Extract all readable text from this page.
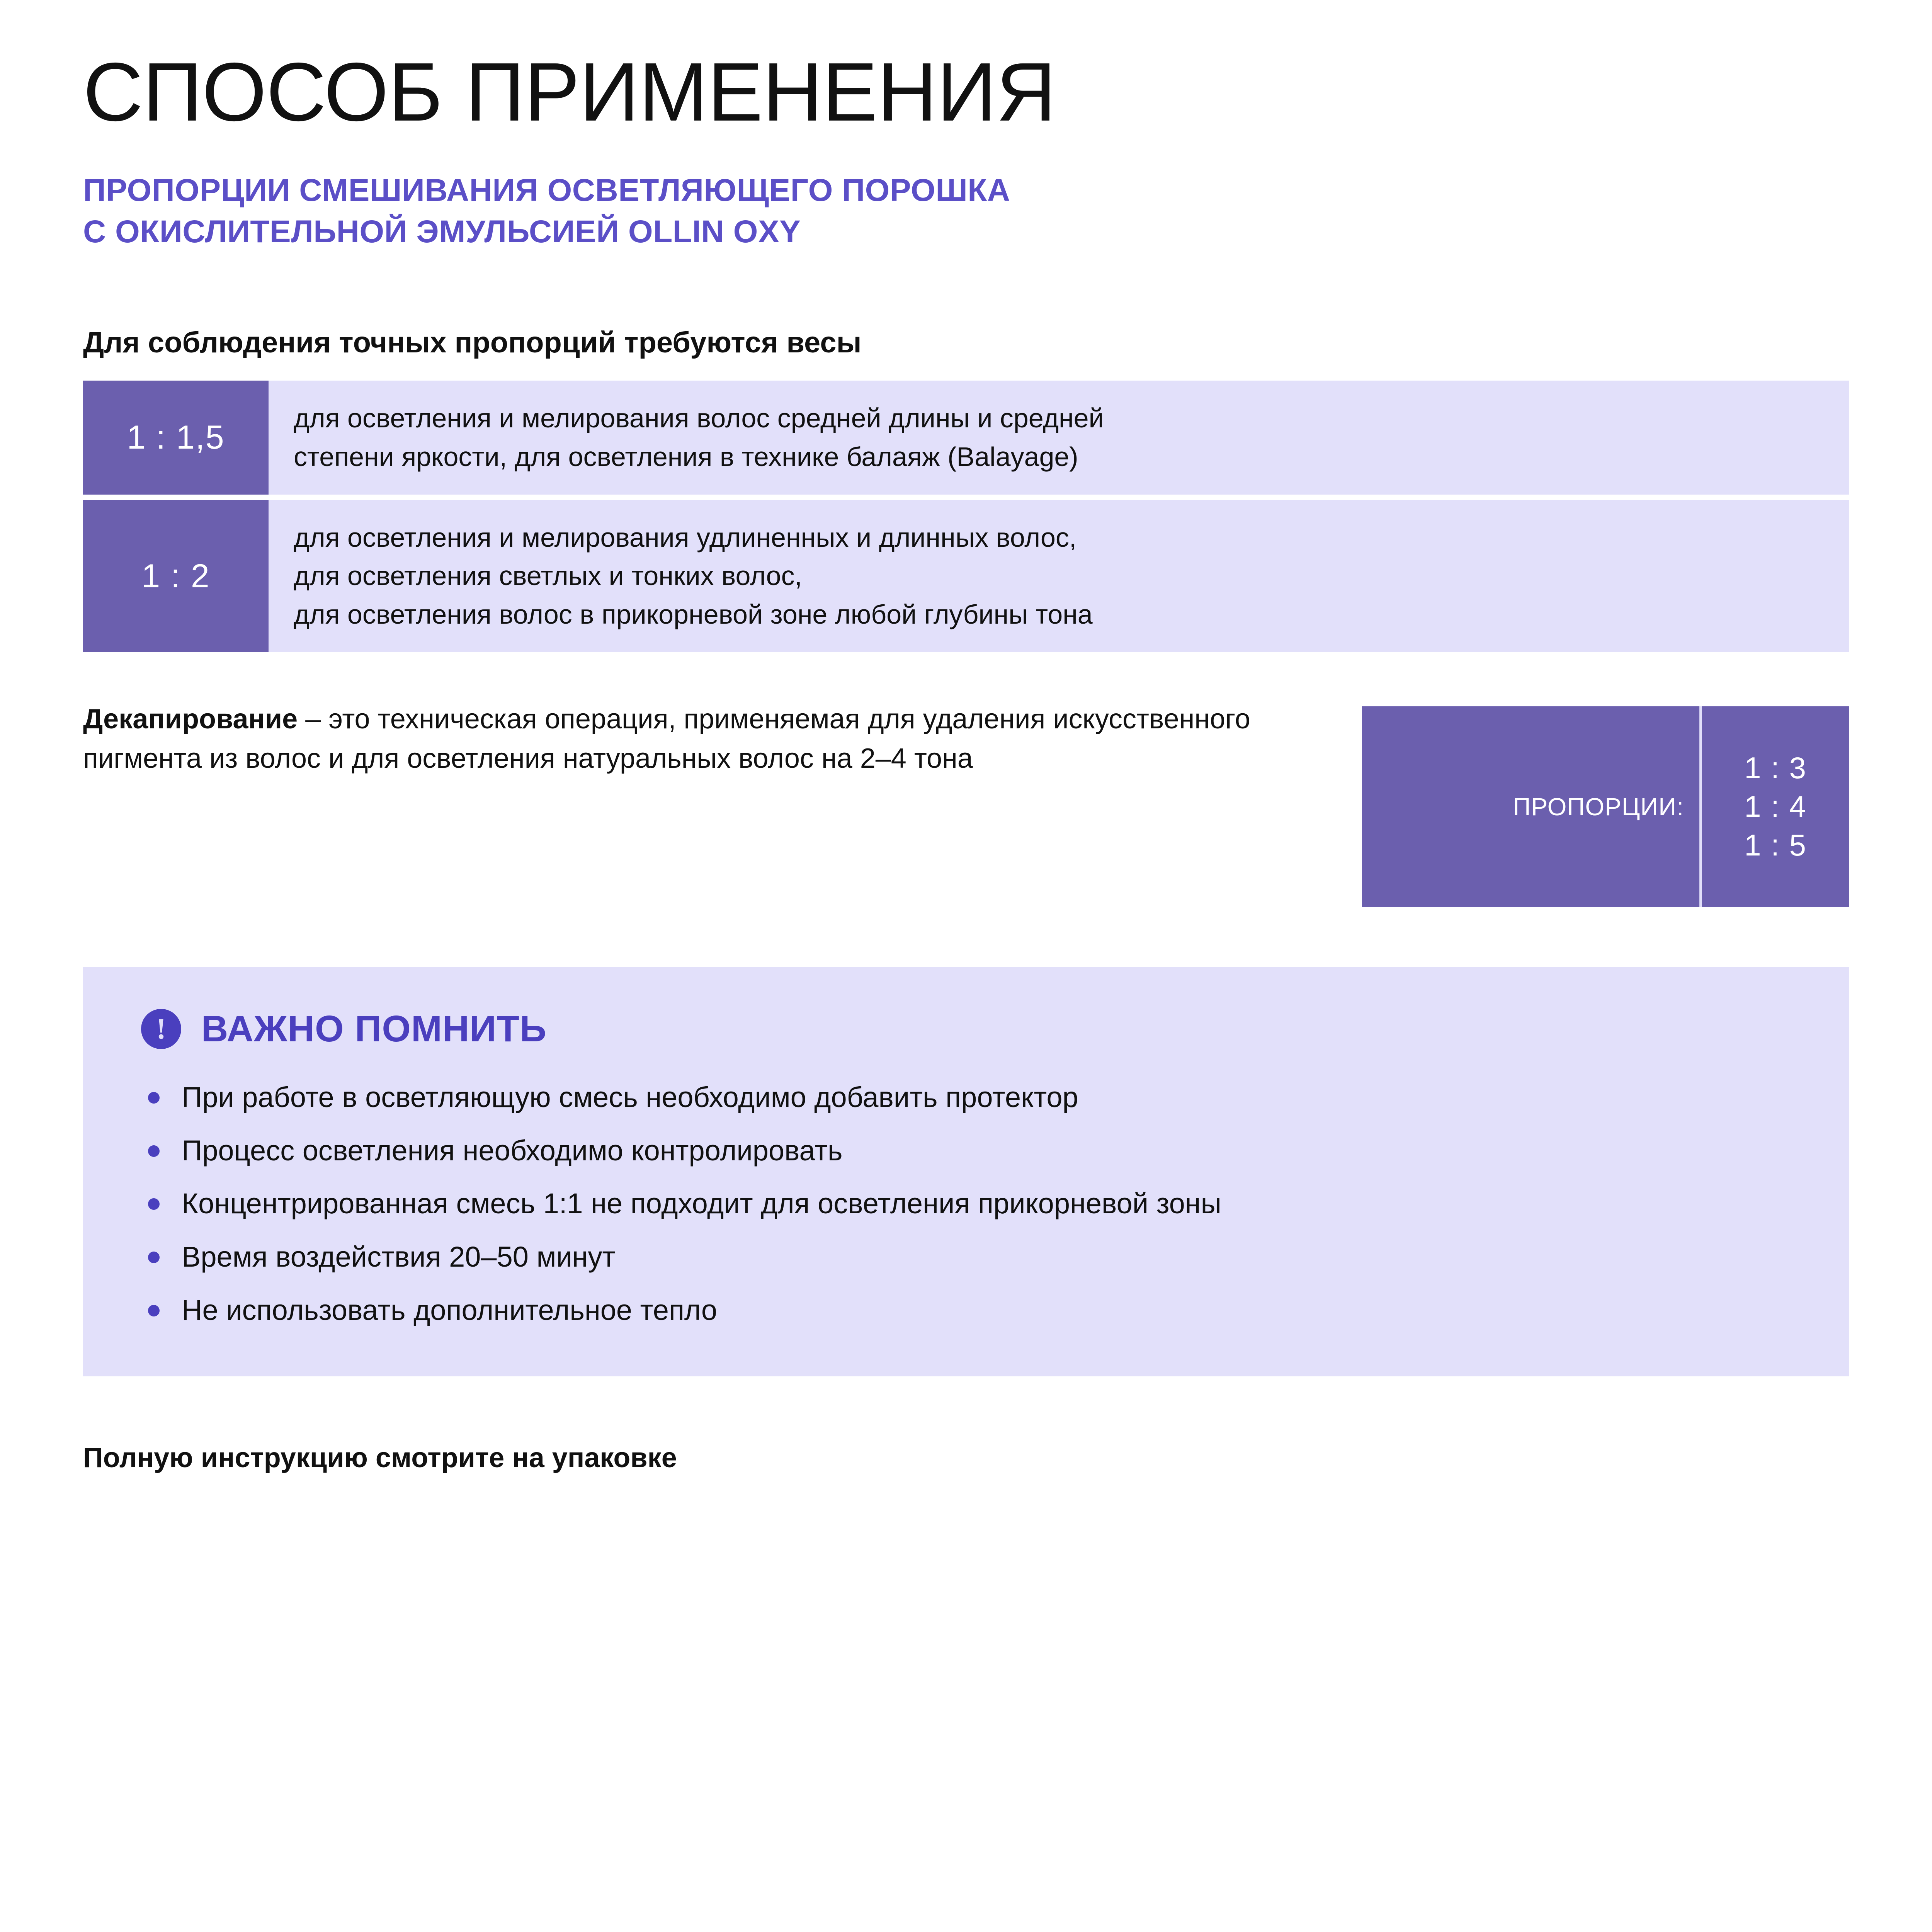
СПОСОБ ПРИМЕНЕНИЯ
ПРОПОРЦИИ СМЕШИВАНИЯ ОСВЕТЛЯЮЩЕГО ПОРОШКА
С ОКИСЛИТЕЛЬНОЙ ЭМУЛЬСИЕЙ OLLIN OXY
Для соблюдения точных пропорций требуются весы
1 : 1,5
для осветления и мелирования волос средней длины и средней
степени яркости, для осветления в технике балаяж (Balayage)
1 : 2
для осветления и мелирования удлиненных и длинных волос,
для осветления светлых и тонких волос,
для осветления волос в прикорневой зоне любой глубины тона
Декапирование – это техническая операция, применяемая для удаления искусственного пигмента из волос и для осветления натуральных волос на 2–4 тона
ПРОПОРЦИИ:
1 : 3
1 : 4
1 : 5
! ВАЖНО ПОМНИТЬ
При работе в осветляющую смесь необходимо добавить протектор
Процесс осветления необходимо контролировать
Концентрированная смесь 1:1 не подходит для осветления прикорневой зоны
Время воздействия 20–50 минут
Не использовать дополнительное тепло
Полную инструкцию смотрите на упаковке
